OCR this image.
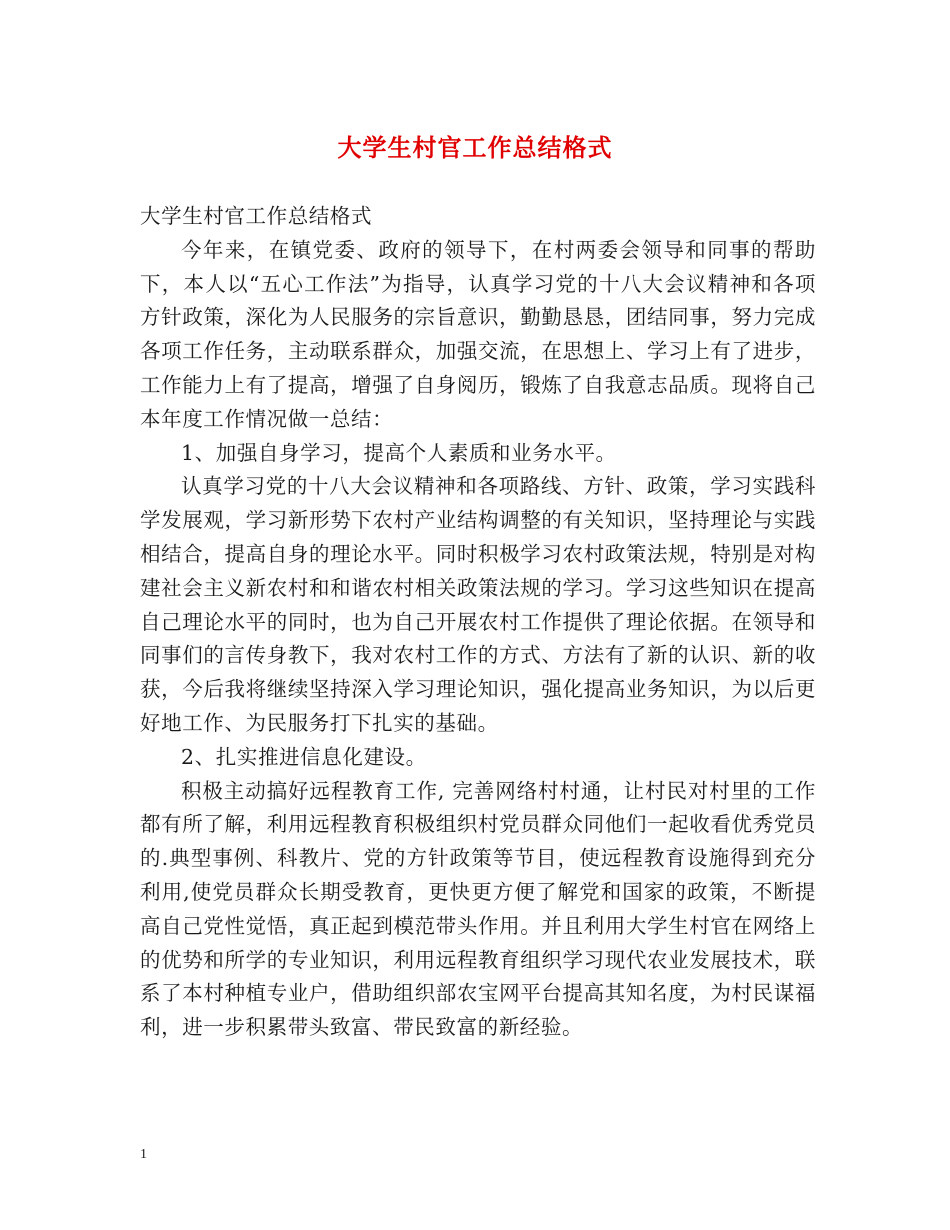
大学生村官工作总结格式

大学生村官工作总结格式

今年来，在镇党委、政府的领导下，在村两委会领导和同事的帮助下，本人以“五心工作法”为指导，认真学习党的十八大会议精神和各项方针政策，深化为人民服务的宗旨意识，勤勤恳恳，团结同事，努力完成各项工作任务，主动联系群众，加强交流，在思想上、学习上有了进步，工作能力上有了提高，增强了自身阅历，锻炼了自我意志品质。现将自己本年度工作情况做一总结：

1、加强自身学习，提高个人素质和业务水平。

认真学习党的十八大会议精神和各项路线、方针、政策，学习实践科学发展观，学习新形势下农村产业结构调整的有关知识，坚持理论与实践相结合，提高自身的理论水平。同时积极学习农村政策法规，特别是对构建社会主义新农村和和谐农村相关政策法规的学习。学习这些知识在提高自己理论水平的同时，也为自己开展农村工作提供了理论依据。在领导和同事们的言传身教下，我对农村工作的方式、方法有了新的认识、新的收获，今后我将继续坚持深入学习理论知识，强化提高业务知识，为以后更好地工作、为民服务打下扎实的基础。

2、扎实推进信息化建设。

积极主动搞好远程教育工作, 完善网络村村通，让村民对村里的工作都有所了解，利用远程教育积极组织村党员群众同他们一起收看优秀党员的.典型事例、科教片、党的方针政策等节目，使远程教育设施得到充分利用,使党员群众长期受教育，更快更方便了解党和国家的政策，不断提高自己党性觉悟，真正起到模范带头作用。并且利用大学生村官在网络上的优势和所学的专业知识，利用远程教育组织学习现代农业发展技术，联系了本村种植专业户，借助组织部农宝网平台提高其知名度，为村民谋福利，进一步积累带头致富、带民致富的新经验。

1
